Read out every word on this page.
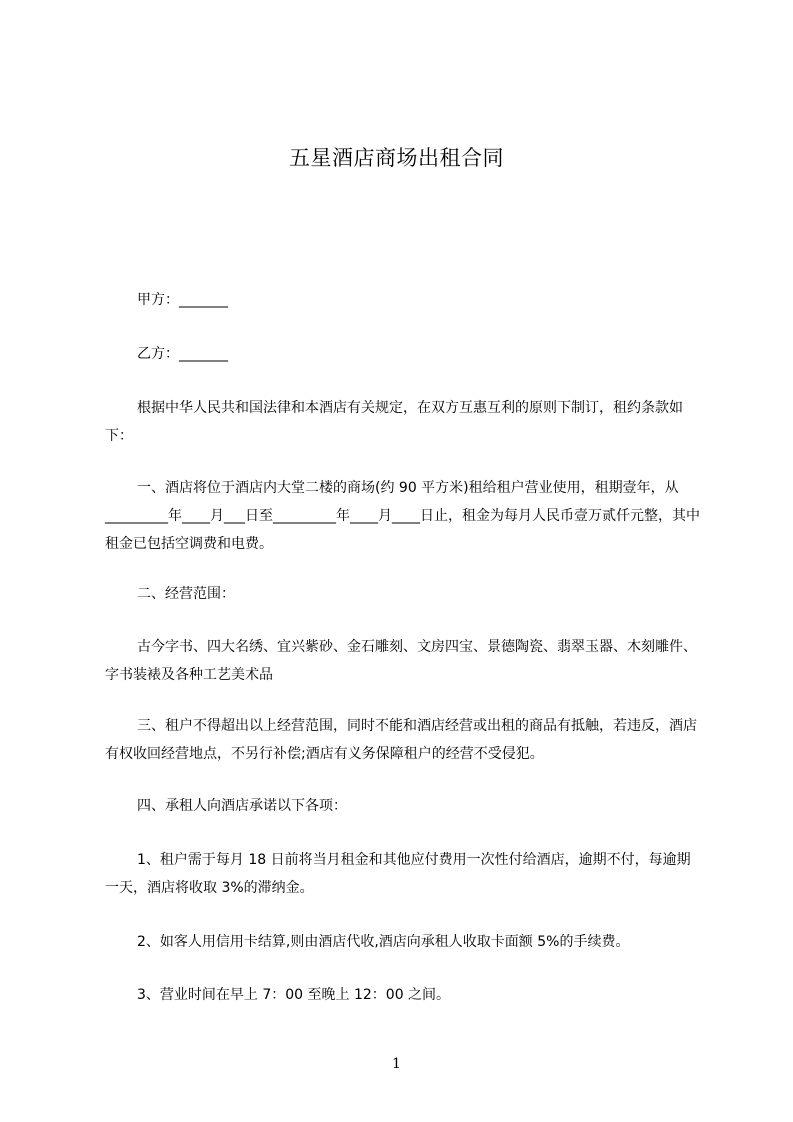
五星酒店商场出租合同

甲方：_______

乙方：_______

根据中华人民共和国法律和本酒店有关规定，在双方互惠互利的原则下制订，租约条款如下：

一、酒店将位于酒店内大堂二楼的商场(约 90 平方米)租给租户营业使用，租期壹年，从_________年____月___日至_________年____月____日止，租金为每月人民币壹万贰仟元整，其中租金已包括空调费和电费。

二、经营范围：

古今字书、四大名绣、宜兴紫砂、金石雕刻、文房四宝、景德陶瓷、翡翠玉器、木刻雕件、字书装裱及各种工艺美术品

三、租户不得超出以上经营范围，同时不能和酒店经营或出租的商品有抵触，若违反，酒店有权收回经营地点，不另行补偿;酒店有义务保障租户的经营不受侵犯。

四、承租人向酒店承诺以下各项：

1、租户需于每月 18 日前将当月租金和其他应付费用一次性付给酒店，逾期不付，每逾期一天，酒店将收取 3%的滞纳金。

2、如客人用信用卡结算,则由酒店代收,酒店向承租人收取卡面额 5%的手续费。

3、营业时间在早上 7：00 至晚上 12：00 之间。

1
